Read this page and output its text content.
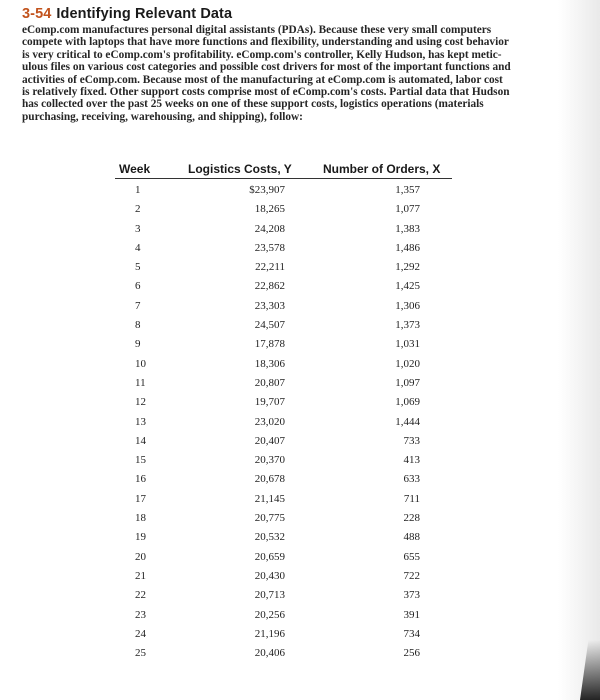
3-54 Identifying Relevant Data
eComp.com manufactures personal digital assistants (PDAs). Because these very small computers
compete with laptops that have more functions and flexibility, understanding and using cost behavior
is very critical to eComp.com's profitability. eComp.com's controller, Kelly Hudson, has kept metic-
ulous files on various cost categories and possible cost drivers for most of the important functions and
activities of eComp.com. Because most of the manufacturing at eComp.com is automated, labor cost
is relatively fixed. Other support costs comprise most of eComp.com's costs. Partial data that Hudson
has collected over the past 25 weeks on one of these support costs, logistics operations (materials
purchasing, receiving, warehousing, and shipping), follow:
Week	Logistics Costs, Y	Number of Orders, X
1	$23,907	1,357
2	18,265	1,077
3	24,208	1,383
4	23,578	1,486
5	22,211	1,292
6	22,862	1,425
7	23,303	1,306
8	24,507	1,373
9	17,878	1,031
10	18,306	1,020
11	20,807	1,097
12	19,707	1,069
13	23,020	1,444
14	20,407	733
15	20,370	413
16	20,678	633
17	21,145	711
18	20,775	228
19	20,532	488
20	20,659	655
21	20,430	722
22	20,713	373
23	20,256	391
24	21,196	734
25	20,406	256
